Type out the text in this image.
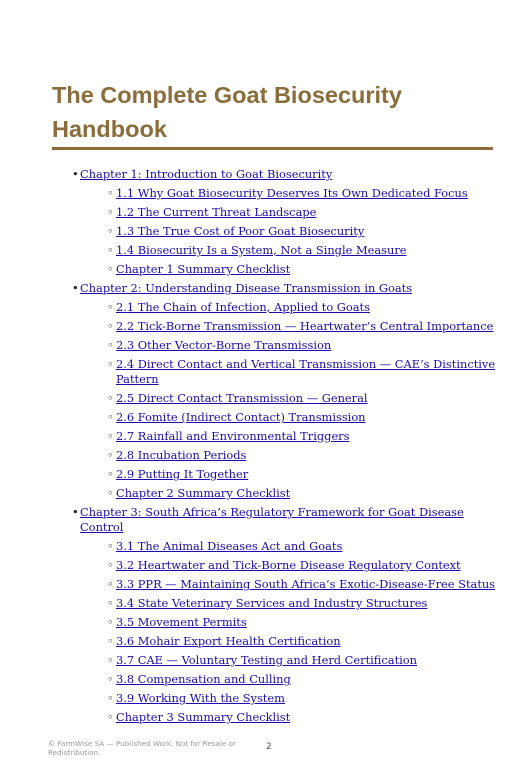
The Complete Goat Biosecurity Handbook
• Chapter 1: Introduction to Goat Biosecurity
◦ 1.1 Why Goat Biosecurity Deserves Its Own Dedicated Focus
◦ 1.2 The Current Threat Landscape
◦ 1.3 The True Cost of Poor Goat Biosecurity
◦ 1.4 Biosecurity Is a System, Not a Single Measure
◦ Chapter 1 Summary Checklist
• Chapter 2: Understanding Disease Transmission in Goats
◦ 2.1 The Chain of Infection, Applied to Goats
◦ 2.2 Tick-Borne Transmission — Heartwater’s Central Importance
◦ 2.3 Other Vector-Borne Transmission
◦ 2.4 Direct Contact and Vertical Transmission — CAE’s Distinctive Pattern
◦ 2.5 Direct Contact Transmission — General
◦ 2.6 Fomite (Indirect Contact) Transmission
◦ 2.7 Rainfall and Environmental Triggers
◦ 2.8 Incubation Periods
◦ 2.9 Putting It Together
◦ Chapter 2 Summary Checklist
• Chapter 3: South Africa’s Regulatory Framework for Goat Disease Control
◦ 3.1 The Animal Diseases Act and Goats
◦ 3.2 Heartwater and Tick-Borne Disease Regulatory Context
◦ 3.3 PPR — Maintaining South Africa’s Exotic-Disease-Free Status
◦ 3.4 State Veterinary Services and Industry Structures
◦ 3.5 Movement Permits
◦ 3.6 Mohair Export Health Certification
◦ 3.7 CAE — Voluntary Testing and Herd Certification
◦ 3.8 Compensation and Culling
◦ 3.9 Working With the System
◦ Chapter 3 Summary Checklist
© FarmWise SA — Published Work. Not for Resale or Redistribution.
2
